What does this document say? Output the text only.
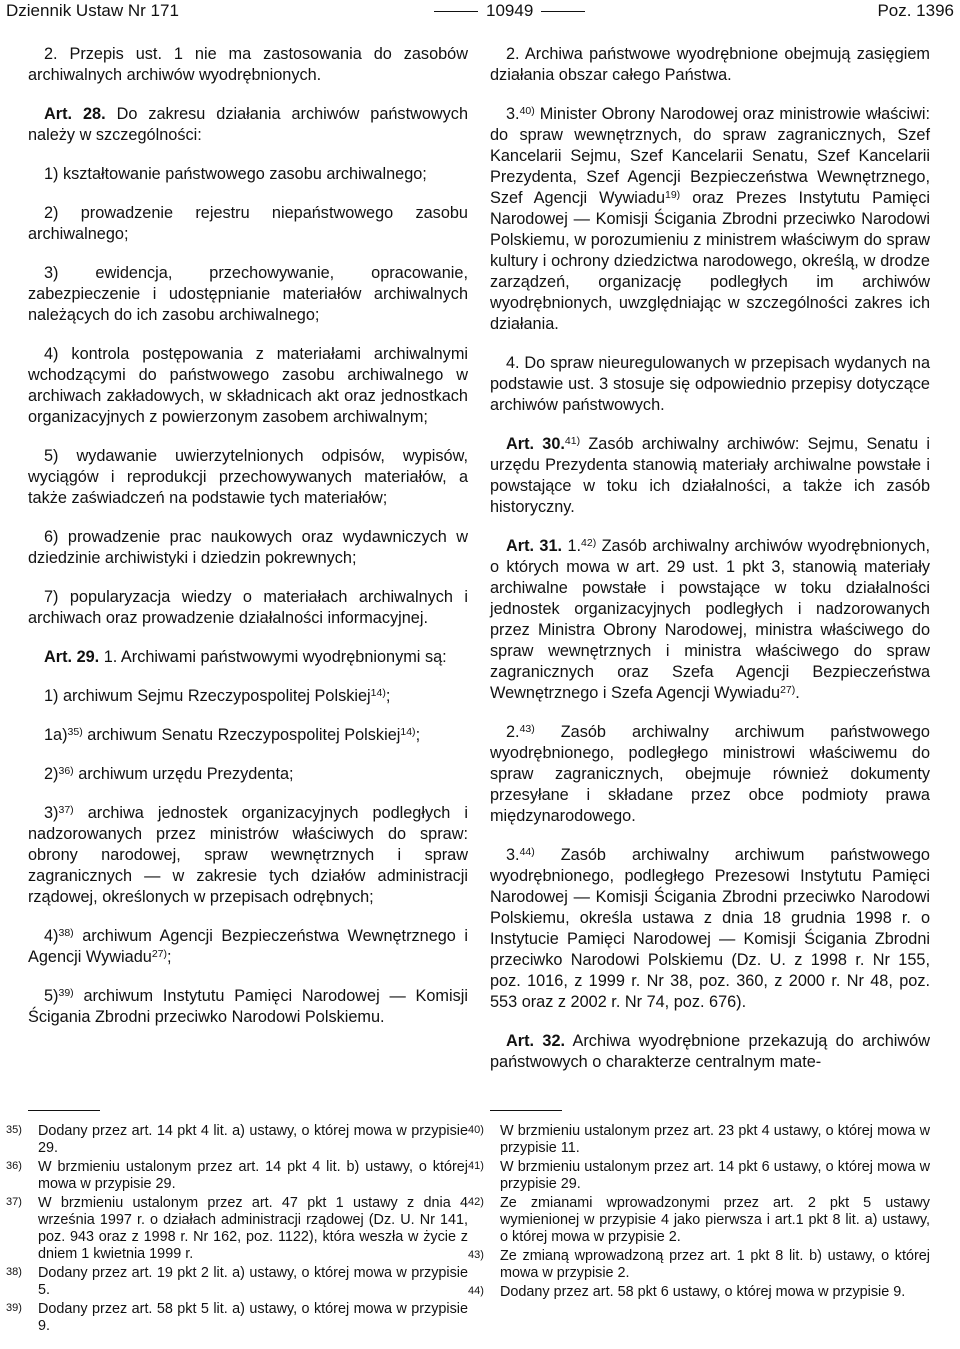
Dziennik Ustaw Nr 171	10949	Poz. 1396

2. Przepis ust. 1 nie ma zastosowania do zasobów archiwalnych archiwów wyodrębnionych.

Art. 28. Do zakresu działania archiwów państwowych należy w szczególności:

1) kształtowanie państwowego zasobu archiwalnego;

2) prowadzenie rejestru niepaństwowego zasobu archiwalnego;

3) ewidencja, przechowywanie, opracowanie, zabezpieczenie i udostępnianie materiałów archiwalnych należących do ich zasobu archiwalnego;

4) kontrola postępowania z materiałami archiwalnymi wchodzącymi do państwowego zasobu archiwalnego w archiwach zakładowych, w składnicach akt oraz jednostkach organizacyjnych z powierzonym zasobem archiwalnym;

5) wydawanie uwierzytelnionych odpisów, wypisów, wyciągów i reprodukcji przechowywanych materiałów, a także zaświadczeń na podstawie tych materiałów;

6) prowadzenie prac naukowych oraz wydawniczych w dziedzinie archiwistyki i dziedzin pokrewnych;

7) popularyzacja wiedzy o materiałach archiwalnych i archiwach oraz prowadzenie działalności informacyjnej.

Art. 29. 1. Archiwami państwowymi wyodrębnionymi są:

1) archiwum Sejmu Rzeczypospolitej Polskiej$^{14)}$;

1a)$^{35)}$ archiwum Senatu Rzeczypospolitej Polskiej$^{14)}$;

2)$^{36)}$ archiwum urzędu Prezydenta;

3)$^{37)}$ archiwa jednostek organizacyjnych podległych i nadzorowanych przez ministrów właściwych do spraw: obrony narodowej, spraw wewnętrznych i spraw zagranicznych — w zakresie tych działów administracji rządowej, określonych w przepisach odrębnych;

4)$^{38)}$ archiwum Agencji Bezpieczeństwa Wewnętrznego i Agencji Wywiadu$^{27)}$;

5)$^{39)}$ archiwum Instytutu Pamięci Narodowej — Komisji Ścigania Zbrodni przeciwko Narodowi Polskiemu.

2. Archiwa państwowe wyodrębnione obejmują zasięgiem działania obszar całego Państwa.

3.$^{40)}$ Minister Obrony Narodowej oraz ministrowie właściwi: do spraw wewnętrznych, do spraw zagranicznych, Szef Kancelarii Sejmu, Szef Kancelarii Senatu, Szef Kancelarii Prezydenta, Szef Agencji Bezpieczeństwa Wewnętrznego, Szef Agencji Wywiadu$^{19)}$ oraz Prezes Instytutu Pamięci Narodowej — Komisji Ścigania Zbrodni przeciwko Narodowi Polskiemu, w porozumieniu z ministrem właściwym do spraw kultury i ochrony dziedzictwa narodowego, określą, w drodze zarządzeń, organizację podległych im archiwów wyodrębnionych, uwzględniając w szczególności zakres ich działania.

4. Do spraw nieuregulowanych w przepisach wydanych na podstawie ust. 3 stosuje się odpowiednio przepisy dotyczące archiwów państwowych.

Art. 30.$^{41)}$ Zasób archiwalny archiwów: Sejmu, Senatu i urzędu Prezydenta stanowią materiały archiwalne powstałe i powstające w toku ich działalności, a także ich zasób historyczny.

Art. 31. 1.$^{42)}$ Zasób archiwalny archiwów wyodrębnionych, o których mowa w art. 29 ust. 1 pkt 3, stanowią materiały archiwalne powstałe i powstające w toku działalności jednostek organizacyjnych podległych i nadzorowanych przez Ministra Obrony Narodowej, ministra właściwego do spraw wewnętrznych i ministra właściwego do spraw zagranicznych oraz Szefa Agencji Bezpieczeństwa Wewnętrznego i Szefa Agencji Wywiadu$^{27)}$.

2.$^{43)}$ Zasób archiwalny archiwum państwowego wyodrębnionego, podległego ministrowi właściwemu do spraw zagranicznych, obejmuje również dokumenty przesyłane i składane przez obce podmioty prawa międzynarodowego.

3.$^{44)}$ Zasób archiwalny archiwum państwowego wyodrębnionego, podległego Prezesowi Instytutu Pamięci Narodowej — Komisji Ścigania Zbrodni przeciwko Narodowi Polskiemu, określa ustawa z dnia 18 grudnia 1998 r. o Instytucie Pamięci Narodowej — Komisji Ścigania Zbrodni przeciwko Narodowi Polskiemu (Dz. U. z 1998 r. Nr 155, poz. 1016, z 1999 r. Nr 38, poz. 360, z 2000 r. Nr 48, poz. 553 oraz z 2002 r. Nr 74, poz. 676).

Art. 32. Archiwa wyodrębnione przekazują do archiwów państwowych o charakterze centralnym mate-

35)	Dodany przez art. 14 pkt 4 lit. a) ustawy, o której mowa w przypisie 29.
36)	W brzmieniu ustalonym przez art. 14 pkt 4 lit. b) ustawy, o której mowa w przypisie 29.
37)	W brzmieniu ustalonym przez art. 47 pkt 1 ustawy z dnia 4 września 1997 r. o działach administracji rządowej (Dz. U. Nr 141, poz. 943 oraz z 1998 r. Nr 162, poz. 1122), która weszła w życie z dniem 1 kwietnia 1999 r.
38)	Dodany przez art. 19 pkt 2 lit. a) ustawy, o której mowa w przypisie 5.
39)	Dodany przez art. 58 pkt 5 lit. a) ustawy, o której mowa w przypisie 9.
40)	W brzmieniu ustalonym przez art. 23 pkt 4 ustawy, o której mowa w przypisie 11.
41)	W brzmieniu ustalonym przez art. 14 pkt 6 ustawy, o której mowa w przypisie 29.
42)	Ze zmianami wprowadzonymi przez art. 2 pkt 5 ustawy wymienionej w przypisie 4 jako pierwsza i art.1 pkt 8 lit. a) ustawy, o której mowa w przypisie 2.
43)	Ze zmianą wprowadzoną przez art. 1 pkt 8 lit. b) ustawy, o której mowa w przypisie 2.
44)	Dodany przez art. 58 pkt 6 ustawy, o której mowa w przypisie 9.
